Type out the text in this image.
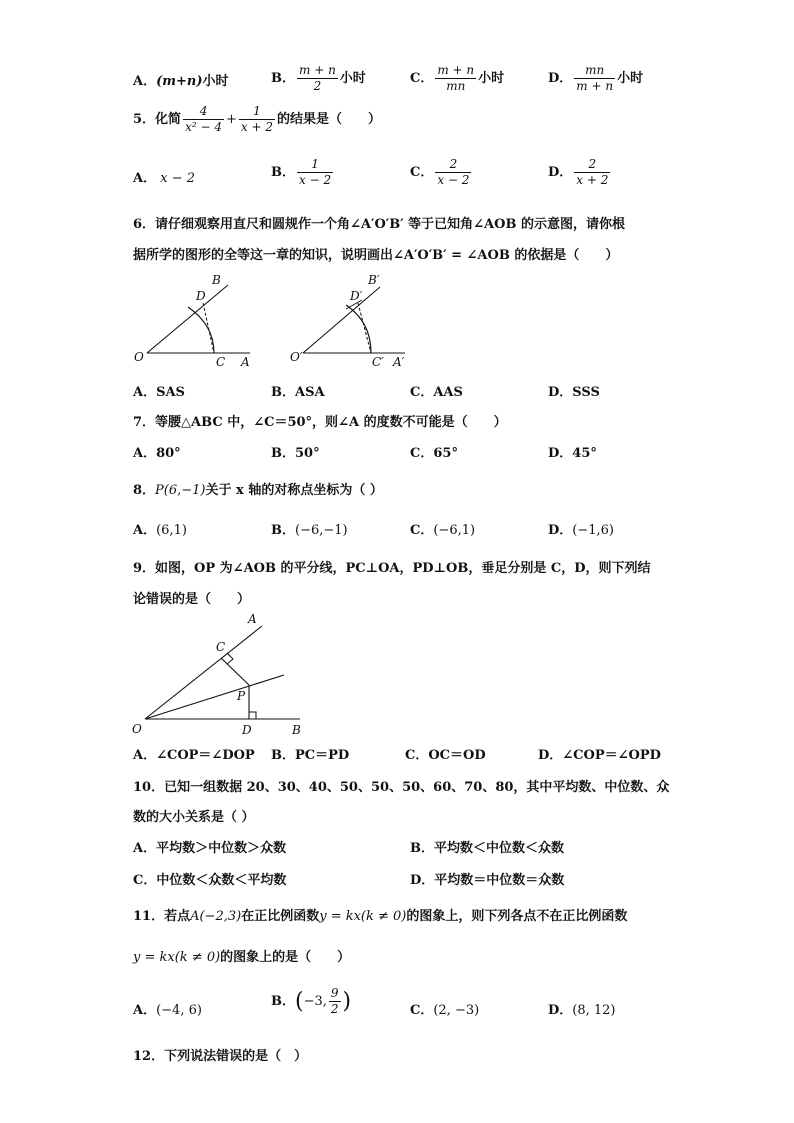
A．(m+n)小时	B． $\frac{m + n}{2}$ 小时	C． $\frac{m + n}{mn}$ 小时	D． $\frac{mn}{m + n}$ 小时
5．化简 $\frac{4}{\text{x² − 4}} + \frac{1}{x + 2}$ 的结果是（　　）
A． x − 2	B． $\frac{1}{x - 2}$	C． $\frac{2}{x - 2}$	D． $\frac{2}{x + 2}$
6．请仔细观察用直尺和圆规作一个角∠A′O′B′ 等于已知角∠AOB 的示意图，请你根
据所学的图形的全等这一章的知识，说明画出∠A′O′B′ = ∠AOB 的依据是（　　）
B
D
O	C A
B′
D′
O′	C′ A′
A．SAS	B．ASA	C．AAS	D．SSS
7．等腰△ABC 中，∠C＝50°，则∠A 的度数不可能是（　　）
A．80°	B．50°	C．65°	D．45°
8．P(6,−1)关于 x 轴的对称点坐标为（ ）
A．(6,1)	B．(−6,−1)	C．(−6,1)	D．(−1,6)
9．如图，OP 为∠AOB 的平分线，PC⊥OA，PD⊥OB，垂足分别是 C，D，则下列结
论错误的是（　　）
A
C
P
O	D	B
A．∠COP＝∠DOP B．PC＝PD	C．OC＝OD	D．∠COP＝∠OPD
10．已知一组数据 20、30、40、50、50、50、60、70、80，其中平均数、中位数、众
数的大小关系是（ ）
A．平均数＞中位数＞众数	B．平均数＜中位数＜众数
C．中位数＜众数＜平均数	D．平均数＝中位数＝众数
11．若点A(−2,3)在正比例函数y = kx(k ≠ 0)的图象上，则下列各点不在正比例函数
y = kx(k ≠ 0)的图象上的是（　　）
A．(−4, 6)
B．(−3, $\frac{9}{2}$ )	C．(2, −3)	D．(8, 12)
12．下列说法错误的是（　）
